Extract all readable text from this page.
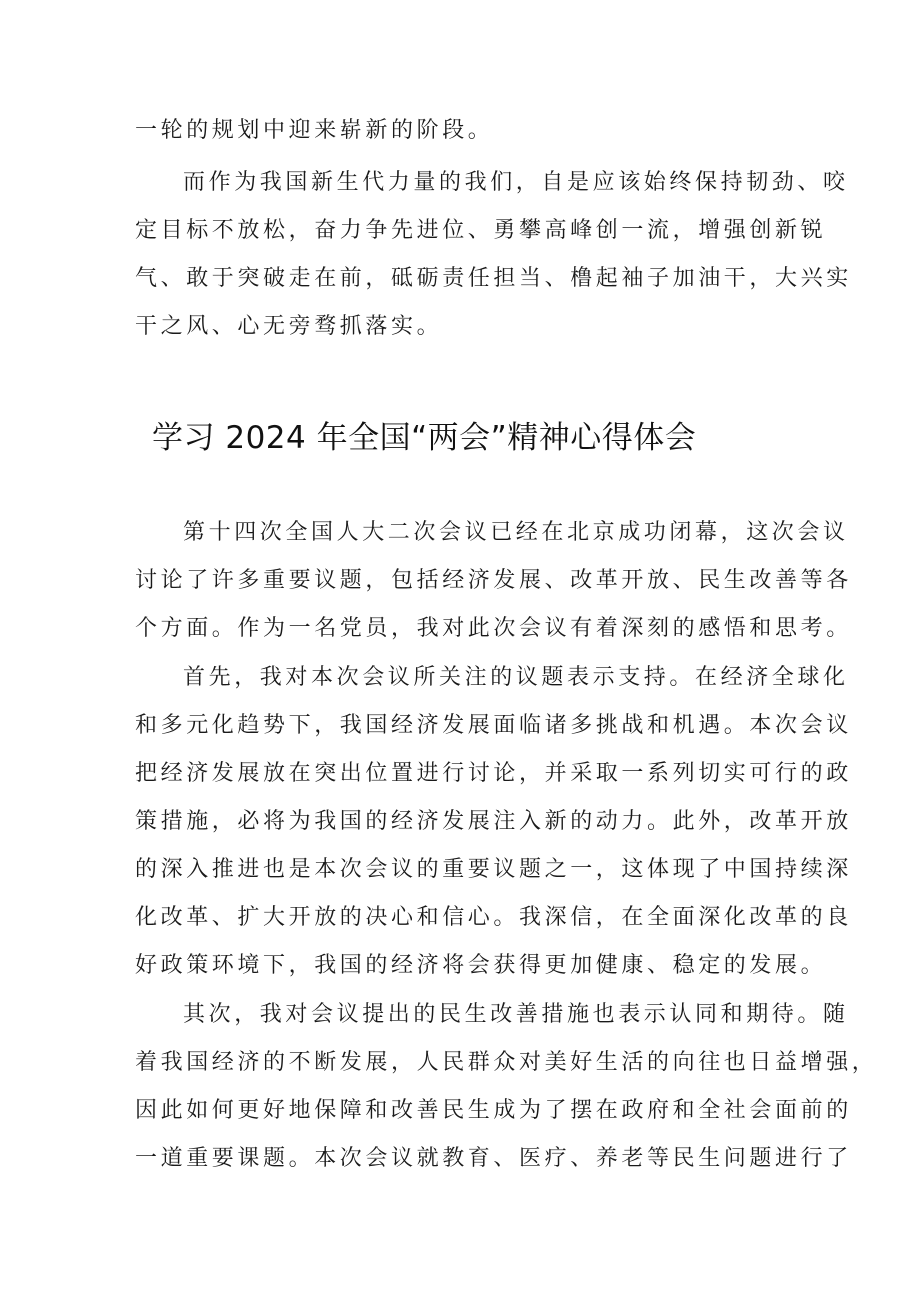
一轮的规划中迎来崭新的阶段。
而作为我国新生代力量的我们，自是应该始终保持韧劲、咬
定目标不放松，奋力争先进位、勇攀高峰创一流，增强创新锐
气、敢于突破走在前，砥砺责任担当、橹起袖子加油干，大兴实
干之风、心无旁骛抓落实。
学习 2024 年全国“两会”精神心得体会
第十四次全国人大二次会议已经在北京成功闭幕，这次会议
讨论了许多重要议题，包括经济发展、改革开放、民生改善等各
个方面。作为一名党员，我对此次会议有着深刻的感悟和思考。
首先，我对本次会议所关注的议题表示支持。在经济全球化
和多元化趋势下，我国经济发展面临诸多挑战和机遇。本次会议
把经济发展放在突出位置进行讨论，并采取一系列切实可行的政
策措施，必将为我国的经济发展注入新的动力。此外，改革开放
的深入推进也是本次会议的重要议题之一，这体现了中国持续深
化改革、扩大开放的决心和信心。我深信，在全面深化改革的良
好政策环境下，我国的经济将会获得更加健康、稳定的发展。
其次，我对会议提出的民生改善措施也表示认同和期待。随
着我国经济的不断发展，人民群众对美好生活的向往也日益增强，
因此如何更好地保障和改善民生成为了摆在政府和全社会面前的
一道重要课题。本次会议就教育、医疗、养老等民生问题进行了
